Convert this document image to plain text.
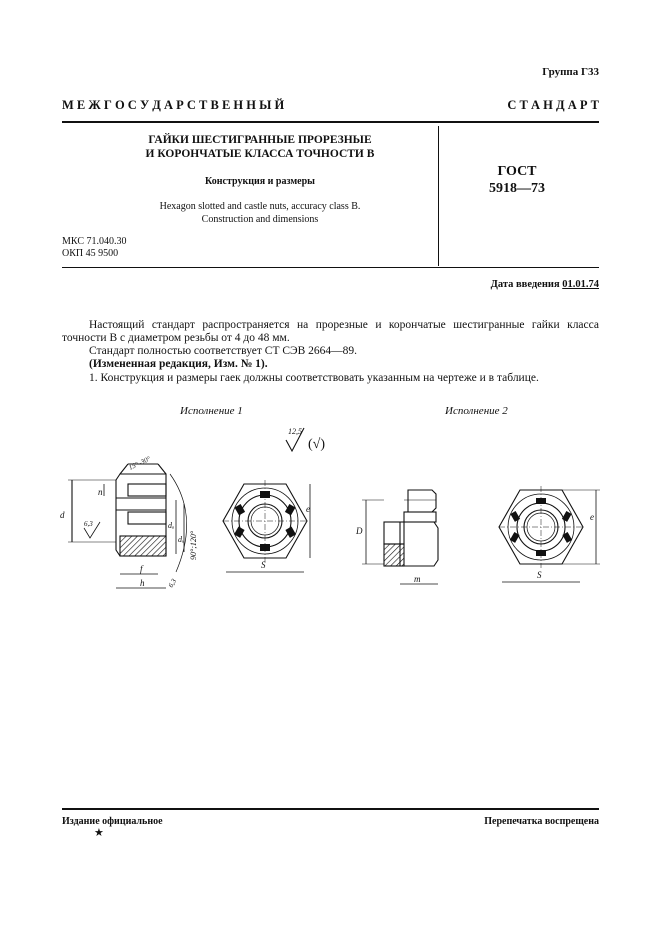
Группа Г33
М Е Ж Г О С У Д А Р С Т В Е Н Н Ы Й	С Т А Н Д А Р Т
ГАЙКИ ШЕСТИГРАННЫЕ ПРОРЕЗНЫЕ
И КОРОНЧАТЫЕ КЛАССА ТОЧНОСТИ В
Конструкция и размеры
Hexagon slotted and castle nuts, accuracy class B.
Construction and dimensions
ГОСТ
5918—73
МКС 71.040.30
ОКП 45 9500
Дата введения 01.01.74
Настоящий стандарт распространяется на прорезные и корончатые шестигранные гайки класса точности В с диаметром резьбы от 4 до 48 мм.
Стандарт полностью соответствует СТ СЭВ 2664—89.
(Измененная редакция, Изм. № 1).
1. Конструкция и размеры гаек должны соответствовать указанным на чертеже и в таблице.
Исполнение 1	Исполнение 2
12,5
(√)
d
n
6,3	dₐ
dᵤ 90°;120°
15°–30°
f
h	6,3
e
S
D
m
e
S
Издание официальное	Перепечатка воспрещена
★
